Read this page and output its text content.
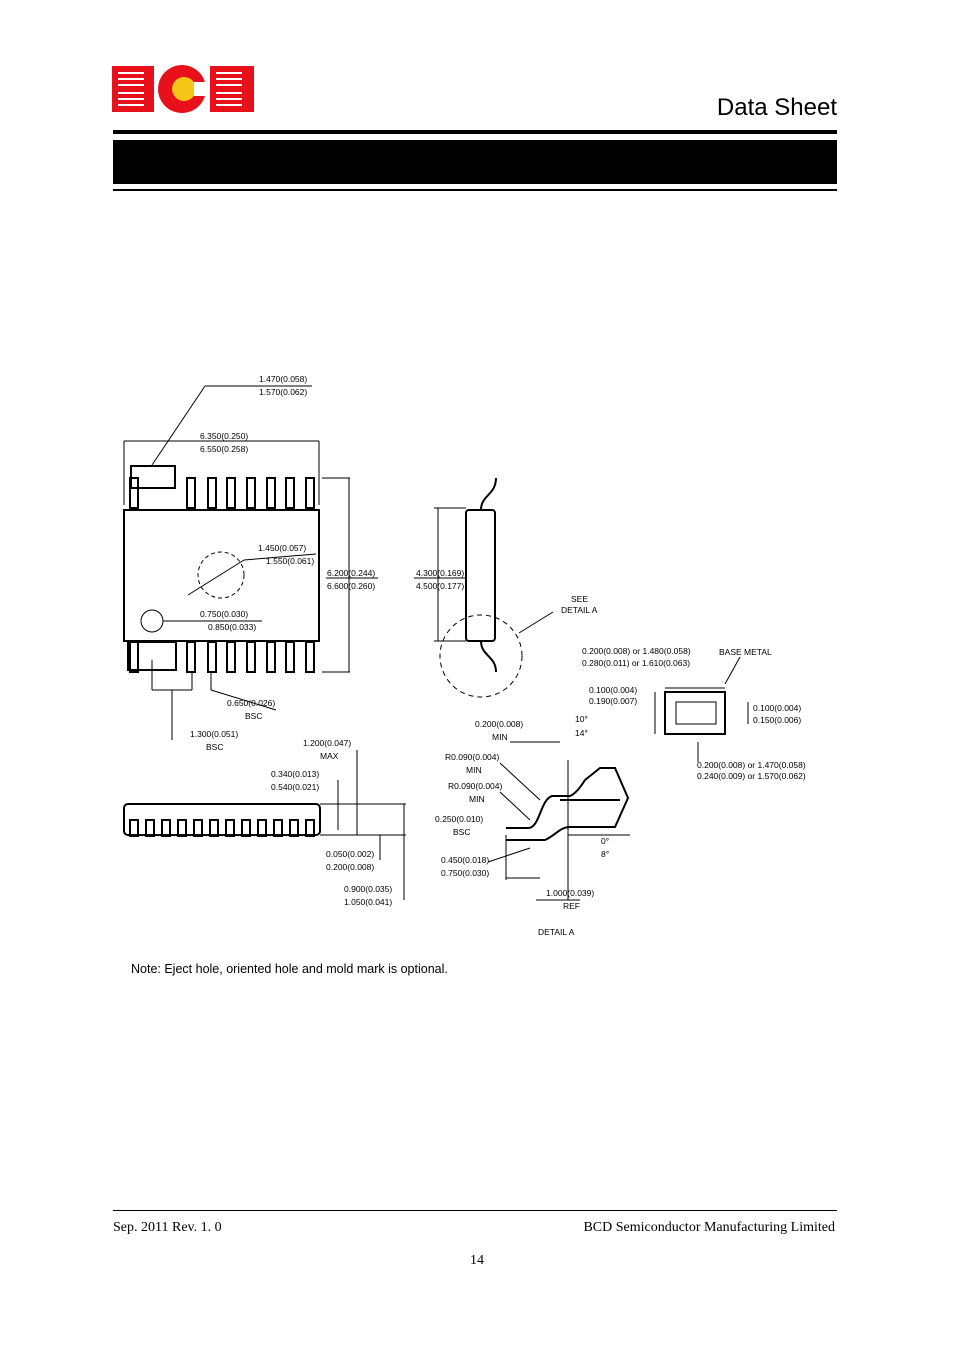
Data Sheet
1.470(0.058)
1.570(0.062)
6.350(0.250)
6.550(0.258)
1.450(0.057)
1.550(0.061)
6.200(0.244)
6.600(0.260)
4.300(0.169)
4.500(0.177)
SEE
DETAIL A
0.750(0.030)
0.850(0.033)
0.650(0.026)
BSC
1.300(0.051)
BSC	1.200(0.047)
MAX
0.340(0.013)
0.540(0.021)
0.050(0.002)
0.200(0.008)
0.900(0.035)
1.050(0.041)
0.200(0.008) or 1.480(0.058)
0.280(0.011) or 1.610(0.063)
BASE METAL
0.100(0.004)
0.190(0.007)
0.100(0.004)
0.150(0.006)
0.200(0.008) or 1.470(0.058)
0.240(0.009) or 1.570(0.062)
0.200(0.008)
MIN
10°
14°
R0.090(0.004)
MIN
R0.090(0.004)
MIN
0.250(0.010)
BSC
0°
8°
0.450(0.018)
0.750(0.030)
1.000(0.039)
REF
DETAIL A
Note: Eject hole, oriented hole and mold mark is optional.
Sep. 2011 Rev. 1. 0	BCD Semiconductor Manufacturing Limited
14
